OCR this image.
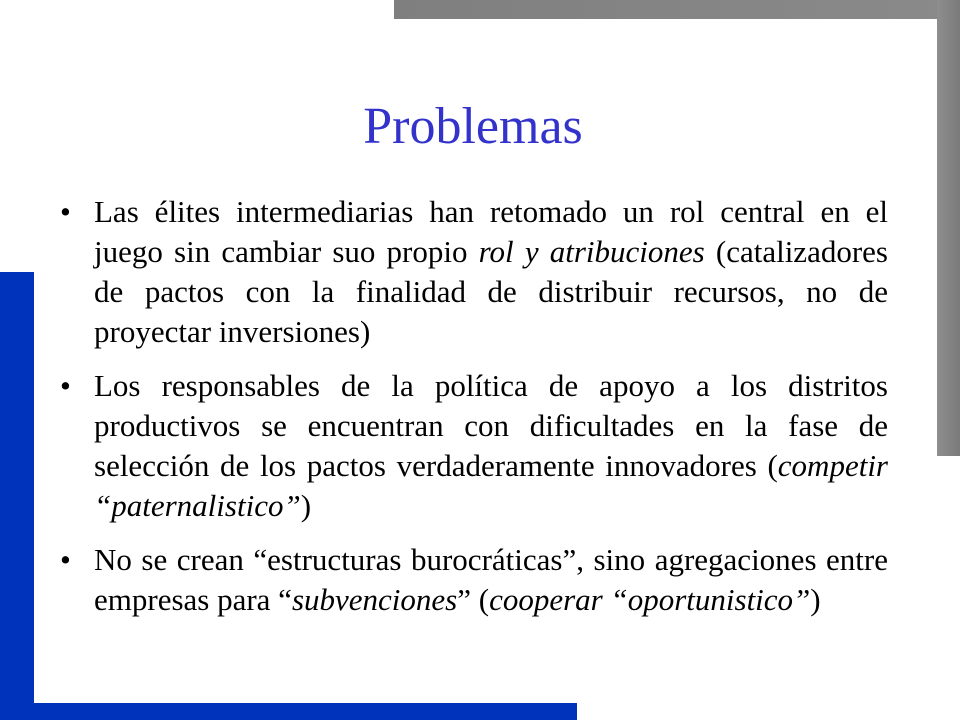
Problemas
• Las élites intermediarias han retomado un rol central en el juego sin cambiar suo propio rol y atribuciones (catalizadores de pactos con la finalidad de distribuir recursos, no de proyectar inversiones)
• Los responsables de la política de apoyo a los distritos productivos se encuentran con dificultades en la fase de selección de los pactos verdaderamente innovadores (competir “paternalistico”)
• No se crean “estructuras burocráticas”, sino agregaciones entre empresas para “subvenciones” (cooperar “oportunistico”)
